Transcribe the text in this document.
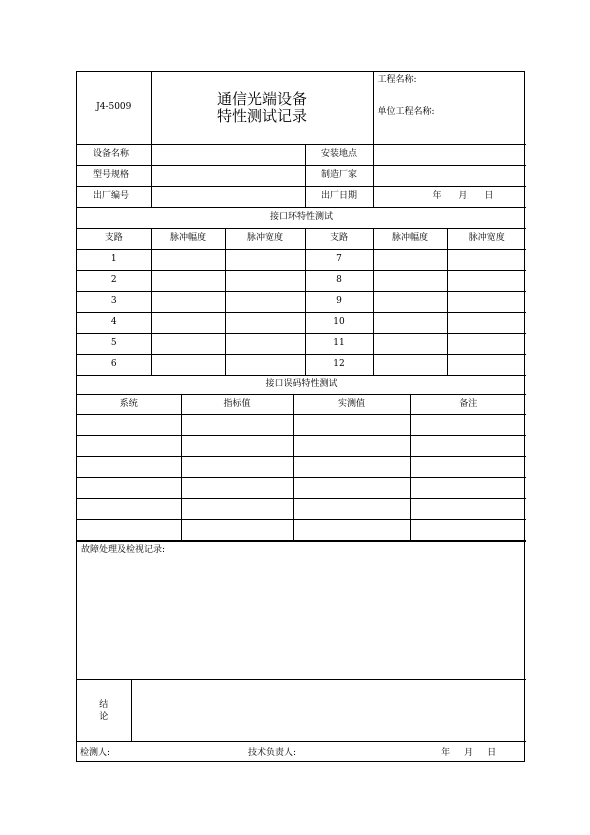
J4-5009	通信光端设备
特性测试记录

工程名称:
单位工程名称:

设备名称		安装地点	
型号规格		制造厂家	
出厂编号		出厂日期	年 月 日
接口环特性测试
支路	脉冲幅度	脉冲宽度	支路	脉冲幅度	脉冲宽度
1			7		
2			8		
3			9		
4			10		
5			11		
6			12		
接口误码特性测试

系统	指标值	实测值	备注

故障处理及检视记录:

结
论

检测人:	技术负责人:	年 月 日
